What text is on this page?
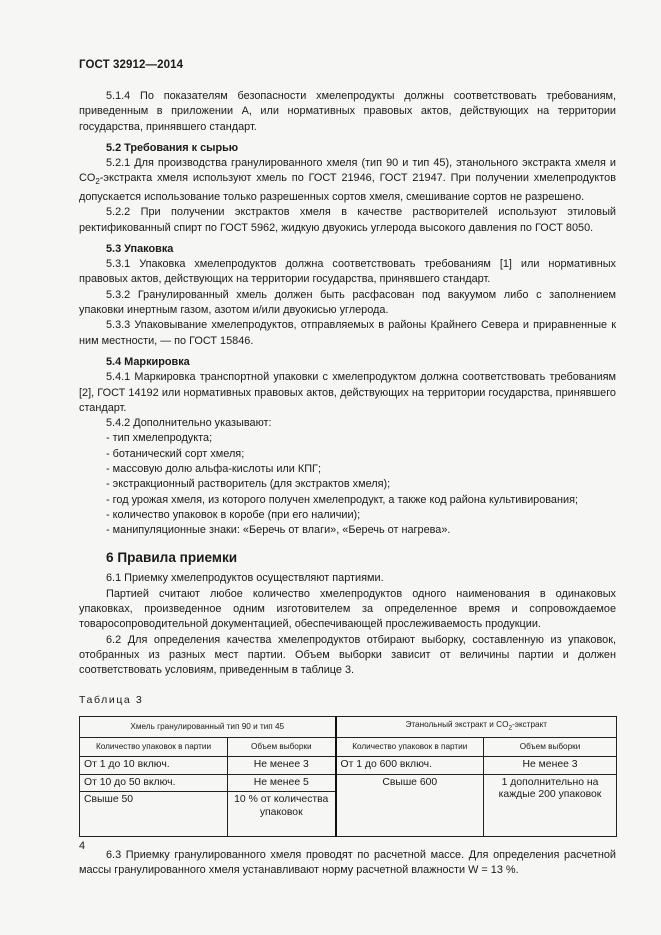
ГОСТ 32912—2014

5.1.4 По показателям безопасности хмелепродукты должны соответствовать требованиям, приведенным в приложении А, или нормативных правовых актов, действующих на территории государства, принявшего стандарт.

5.2 Требования к сырью

5.2.1 Для производства гранулированного хмеля (тип 90 и тип 45), этанольного экстракта хмеля и $CO_2$-экстракта хмеля используют хмель по ГОСТ 21946, ГОСТ 21947. При получении хмелепродуктов допускается использование только разрешенных сортов хмеля, смешивание сортов не разрешено.

5.2.2 При получении экстрактов хмеля в качестве растворителей используют этиловый ректификованный спирт по ГОСТ 5962, жидкую двуокись углерода высокого давления по ГОСТ 8050.

5.3 Упаковка

5.3.1 Упаковка хмелепродуктов должна соответствовать требованиям [1] или нормативных правовых актов, действующих на территории государства, принявшего стандарт.

5.3.2 Гранулированный хмель должен быть расфасован под вакуумом либо с заполнением упаковки инертным газом, азотом и/или двуокисью углерода.

5.3.3 Упаковывание хмелепродуктов, отправляемых в районы Крайнего Севера и приравненные к ним местности, — по ГОСТ 15846.

5.4 Маркировка

5.4.1 Маркировка транспортной упаковки с хмелепродуктом должна соответствовать требованиям [2], ГОСТ 14192 или нормативных правовых актов, действующих на территории государства, принявшего стандарт.

5.4.2 Дополнительно указывают:

- тип хмелепродукта;

- ботанический сорт хмеля;

- массовую долю альфа-кислоты или КПГ;

- экстракционный растворитель (для экстрактов хмеля);

- год урожая хмеля, из которого получен хмелепродукт, а также код района культивирования;

- количество упаковок в коробе (при его наличии);

- манипуляционные знаки: «Беречь от влаги», «Беречь от нагрева».

6 Правила приемки

6.1 Приемку хмелепродуктов осуществляют партиями.

Партией считают любое количество хмелепродуктов одного наименования в одинаковых упаковках, произведенное одним изготовителем за определенное время и сопровождаемое товаросопроводительной документацией, обеспечивающей прослеживаемость продукции.

6.2 Для определения качества хмелепродуктов отбирают выборку, составленную из упаковок, отобранных из разных мест партии. Объем выборки зависит от величины партии и должен соответствовать условиям, приведенным в таблице 3.

Таблица 3
Хмель гранулированный тип 90 и тип 45		Этанольный экстракт и $CO_2$-экстракт	
Количество упаковок в партии	Объем выборки	Количество упаковок в партии	Объем выборки
От 1 до 10 включ.	Не менее 3	От 1 до 600 включ.	Не менее 3
От 10 до 50 включ.	Не менее 5	Свыше 600	1 дополнительно на каждые 200 упаковок
Свыше 50	10 % от количества упаковок		

6.3 Приемку гранулированного хмеля проводят по расчетной массе. Для определения расчетной массы гранулированного хмеля устанавливают норму расчетной влажности W = 13 %.

4
